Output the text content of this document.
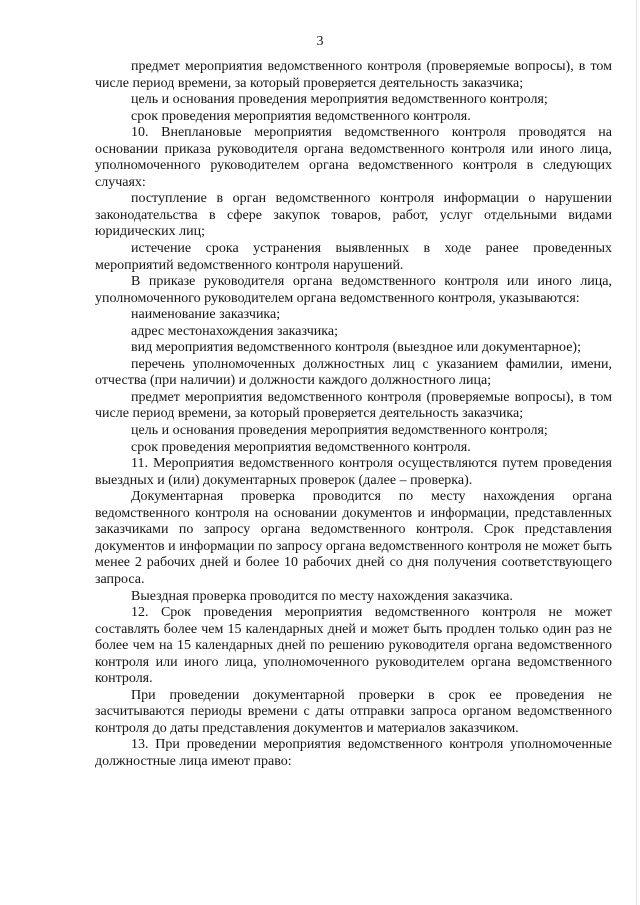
3

предмет мероприятия ведомственного контроля (проверяемые вопросы), в том числе период времени, за который проверяется деятельность заказчика;

цель и основания проведения мероприятия ведомственного контроля;

срок проведения мероприятия ведомственного контроля.

10. Внеплановые мероприятия ведомственного контроля проводятся на основании приказа руководителя органа ведомственного контроля или иного лица, уполномоченного руководителем органа ведомственного контроля в следующих случаях:

поступление в орган ведомственного контроля информации о нарушении законодательства в сфере закупок товаров, работ, услуг отдельными видами юридических лиц;

истечение срока устранения выявленных в ходе ранее проведенных мероприятий ведомственного контроля нарушений.

В приказе руководителя органа ведомственного контроля или иного лица, уполномоченного руководителем органа ведомственного контроля, указываются:

наименование заказчика;

адрес местонахождения заказчика;

вид мероприятия ведомственного контроля (выездное или документарное);

перечень уполномоченных должностных лиц с указанием фамилии, имени, отчества (при наличии) и должности каждого должностного лица;

предмет мероприятия ведомственного контроля (проверяемые вопросы), в том числе период времени, за который проверяется деятельность заказчика;

цель и основания проведения мероприятия ведомственного контроля;

срок проведения мероприятия ведомственного контроля.

11. Мероприятия ведомственного контроля осуществляются путем проведения выездных и (или) документарных проверок (далее – проверка).

Документарная проверка проводится по месту нахождения органа ведомственного контроля на основании документов и информации, представленных заказчиками по запросу органа ведомственного контроля. Срок представления документов и информации по запросу органа ведомственного контроля не может быть менее 2 рабочих дней и более 10 рабочих дней со дня получения соответствующего запроса.

Выездная проверка проводится по месту нахождения заказчика.

12. Срок проведения мероприятия ведомственного контроля не может составлять более чем 15 календарных дней и может быть продлен только один раз не более чем на 15 календарных дней по решению руководителя органа ведомственного контроля или иного лица, уполномоченного руководителем органа ведомственного контроля.

При проведении документарной проверки в срок ее проведения не засчитываются периоды времени с даты отправки запроса органом ведомственного контроля до даты представления документов и материалов заказчиком.

13. При проведении мероприятия ведомственного контроля уполномоченные должностные лица имеют право:
